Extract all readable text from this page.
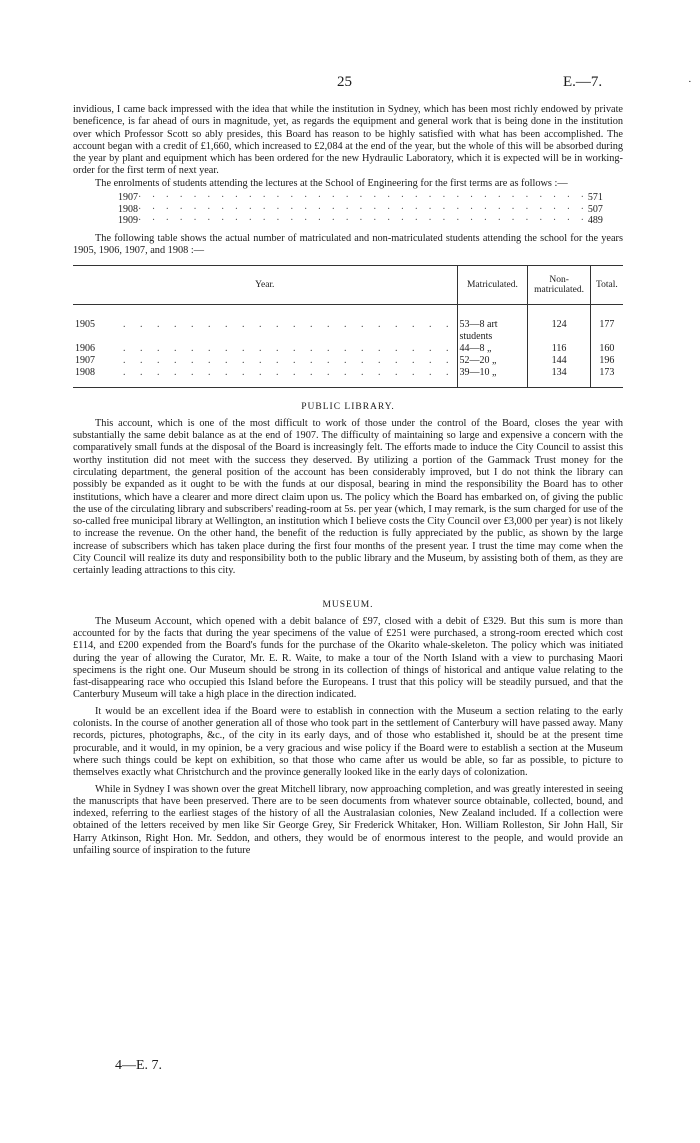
25	E.—7.	·

invidious, I came back impressed with the idea that while the institution in Sydney, which has been most richly endowed by private beneficence, is far ahead of ours in magnitude, yet, as regards the equipment and general work that is being done in the institution over which Professor Scott so ably presides, this Board has reason to be highly satisfied with what has been accomplished. The account began with a credit of £1,660, which increased to £2,084 at the end of the year, but the whole of this will be absorbed during the year by plant and equipment which has been ordered for the new Hydraulic Laboratory, which it is expected will be in working-order for the first term of next year.

The enrolments of students attending the lectures at the School of Engineering for the first terms are as follows :—

1907 · · · · · · · · · · · · · · · · · · · · · · · · · · · · · · · · · 571
1908 · · · · · · · · · · · · · · · · · · · · · · · · · · · · · · · · · 507
1909 · · · · · · · · · · · · · · · · · · · · · · · · · · · · · · · · · 489

The following table shows the actual number of matriculated and non-matriculated students attending the school for the years 1905, 1906, 1907, and 1908 :—

Year.	Matriculated.	Non-matriculated.	Total.

1905 . . . . . . . . . . . . . . . . . . . .	53—8 art students	124	177

1906 . . . . . . . . . . . . . . . . . . . .	44—8 „	116	160

1907 . . . . . . . . . . . . . . . . . . . .	52—20 „	144	196

1908 . . . . . . . . . . . . . . . . . . . .	39—10 „	134	173
PUBLIC LIBRARY.

This account, which is one of the most difficult to work of those under the control of the Board, closes the year with substantially the same debit balance as at the end of 1907. The difficulty of maintaining so large and expensive a concern with the comparatively small funds at the disposal of the Board is increasingly felt. The efforts made to induce the City Council to assist this worthy institution did not meet with the success they deserved. By utilizing a portion of the Gammack Trust money for the circulating department, the general position of the account has been considerably improved, but I do not think the library can possibly be expanded as it ought to be with the funds at our disposal, bearing in mind the responsibility the Board has to other institutions, which have a clearer and more direct claim upon us. The policy which the Board has embarked on, of giving the public the use of the circulating library and subscribers' reading-room at 5s. per year (which, I may remark, is the sum charged for use of the so-called free municipal library at Wellington, an institution which I believe costs the City Council over £3,000 per year) is not likely to increase the revenue. On the other hand, the benefit of the reduction is fully appreciated by the public, as shown by the large increase of subscribers which has taken place during the first four months of the present year. I trust the time may come when the City Council will realize its duty and responsibility both to the public library and the Museum, by assisting both of them, as they are certainly leading attractions to this city.

MUSEUM.

The Museum Account, which opened with a debit balance of £97, closed with a debit of £329. But this sum is more than accounted for by the facts that during the year specimens of the value of £251 were purchased, a strong-room erected which cost £114, and £200 expended from the Board's funds for the purchase of the Okarito whale-skeleton. The policy which was initiated during the year of allowing the Curator, Mr. E. R. Waite, to make a tour of the North Island with a view to purchasing Maori specimens is the right one. Our Museum should be strong in its collection of things of historical and antique value relating to the fast-disappearing race who occupied this Island before the Europeans. I trust that this policy will be steadily pursued, and that the Canterbury Museum will take a high place in the direction indicated.

It would be an excellent idea if the Board were to establish in connection with the Museum a section relating to the early colonists. In the course of another generation all of those who took part in the settlement of Canterbury will have passed away. Many records, pictures, photographs, &c., of the city in its early days, and of those who established it, should be at the present time procurable, and it would, in my opinion, be a very gracious and wise policy if the Board were to establish a section at the Museum where such things could be kept on exhibition, so that those who came after us would be able, so far as possible, to picture to themselves exactly what Christchurch and the province generally looked like in the early days of colonization.

While in Sydney I was shown over the great Mitchell library, now approaching completion, and was greatly interested in seeing the manuscripts that have been preserved. There are to be seen documents from whatever source obtainable, collected, bound, and indexed, referring to the earliest stages of the history of all the Australasian colonies, New Zealand included. If a collection were obtained of the letters received by men like Sir George Grey, Sir Frederick Whitaker, Hon. William Rolleston, Sir John Hall, Sir Harry Atkinson, Right Hon. Mr. Seddon, and others, they would be of enormous interest to the people, and would provide an unfailing source of inspiration to the future

4—E. 7.
